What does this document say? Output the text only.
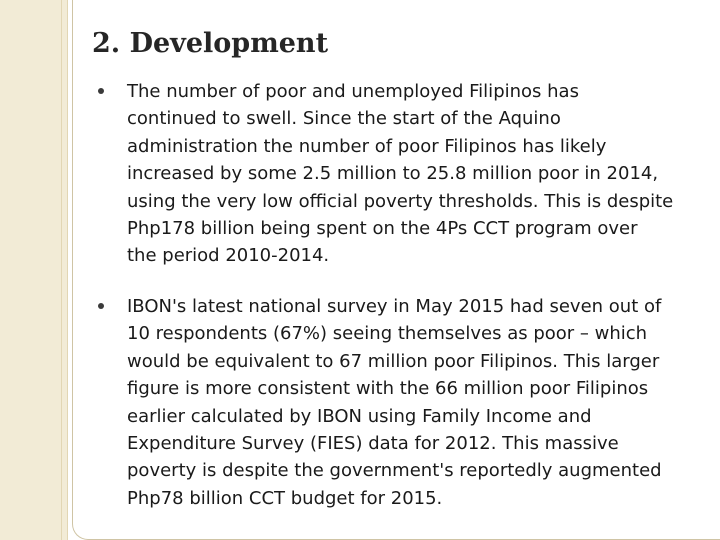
2. Development

The number of poor and unemployed Filipinos has
continued to swell. Since the start of the Aquino
administration the number of poor Filipinos has likely
increased by some 2.5 million to 25.8 million poor in 2014,
using the very low official poverty thresholds. This is despite
Php178 billion being spent on the 4Ps CCT program over
the period 2010-2014.

IBON's latest national survey in May 2015 had seven out of
10 respondents (67%) seeing themselves as poor – which
would be equivalent to 67 million poor Filipinos. This larger
figure is more consistent with the 66 million poor Filipinos
earlier calculated by IBON using Family Income and
Expenditure Survey (FIES) data for 2012. This massive
poverty is despite the government's reportedly augmented
Php78 billion CCT budget for 2015.
